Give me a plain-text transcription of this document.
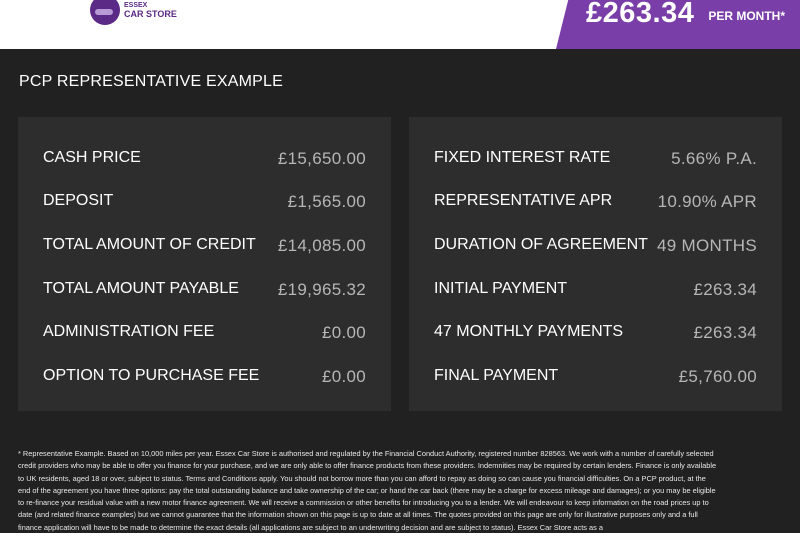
ESSEX
CAR STORE	£263.34 PER MONTH*
PCP REPRESENTATIVE EXAMPLE
CASH PRICE	£15,650.00
DEPOSIT	£1,565.00
TOTAL AMOUNT OF CREDIT £14,085.00
TOTAL AMOUNT PAYABLE £19,965.32
ADMINISTRATION FEE	£0.00
OPTION TO PURCHASE FEE	£0.00
FIXED INTEREST RATE	5.66% P.A.
REPRESENTATIVE APR	10.90% APR
DURATION OF AGREEMENT 49 MONTHS
INITIAL PAYMENT	£263.34
47 MONTHLY PAYMENTS	£263.34
FINAL PAYMENT	£5,760.00
* Representative Example. Based on 10,000 miles per year. Essex Car Store is authorised and regulated by the Financial Conduct Authority, registered number 828563. We work with a number of carefully selected credit providers who may be able to offer you finance for your purchase, and we are only able to offer finance products from these providers. Indemnities may be required by certain lenders. Finance is only available to UK residents, aged 18 or over, subject to status. Terms and Conditions apply. You should not borrow more than you can afford to repay as doing so can cause you financial difficulties. On a PCP product, at the end of the agreement you have three options: pay the total outstanding balance and take ownership of the car; or hand the car back (there may be a charge for excess mileage and damages); or you may be eligible to re-finance your residual value with a new motor finance agreement. We will receive a commission or other benefits for introducing you to a lender. We will endeavour to keep information on the road prices up to date (and related finance examples) but we cannot guarantee that the information shown on this page is up to date at all times. The quotes provided on this page are only for illustrative purposes only and a full finance application will have to be made to determine the exact details (all applications are subject to an underwriting decision and are subject to status). Essex Car Store acts as a
